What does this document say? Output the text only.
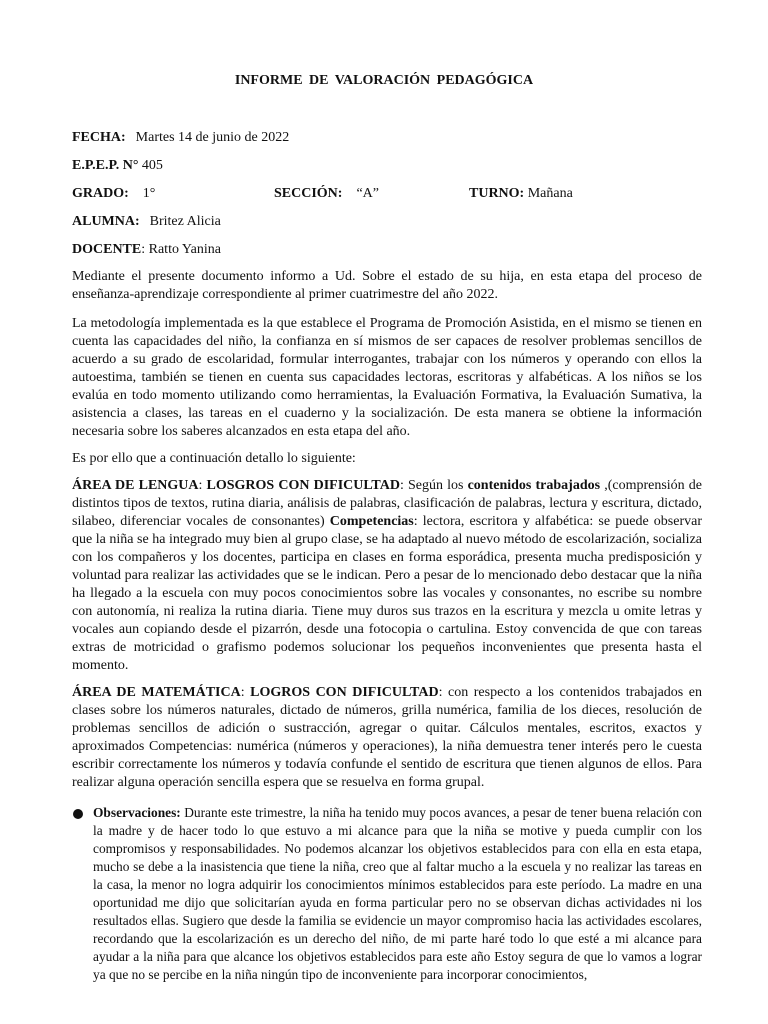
INFORME DE VALORACIÓN PEDAGÓGICA
FECHA: Martes 14 de junio de 2022
E.P.E.P. N° 405
GRADO: 1°	SECCIÓN: “A”	TURNO: Mañana
ALUMNA: Britez Alicia
DOCENTE: Ratto Yanina

Mediante el presente documento informo a Ud. Sobre el estado de su hija, en esta etapa del proceso de enseñanza-aprendizaje correspondiente al primer cuatrimestre del año 2022.

La metodología implementada es la que establece el Programa de Promoción Asistida, en el mismo se tienen en cuenta las capacidades del niño, la confianza en sí mismos de ser capaces de resolver problemas sencillos de acuerdo a su grado de escolaridad, formular interrogantes, trabajar con los números y operando con ellos la autoestima, también se tienen en cuenta sus capacidades lectoras, escritoras y alfabéticas. A los niños se los evalúa en todo momento utilizando como herramientas, la Evaluación Formativa, la Evaluación Sumativa, la asistencia a clases, las tareas en el cuaderno y la socialización. De esta manera se obtiene la información necesaria sobre los saberes alcanzados en esta etapa del año.

Es por ello que a continuación detallo lo siguiente:

ÁREA DE LENGUA: LOSGROS CON DIFICULTAD: Según los contenidos trabajados ,(comprensión de distintos tipos de textos, rutina diaria, análisis de palabras, clasificación de palabras, lectura y escritura, dictado, silabeo, diferenciar vocales de consonantes) Competencias: lectora, escritora y alfabética: se puede observar que la niña se ha integrado muy bien al grupo clase, se ha adaptado al nuevo método de escolarización, socializa con los compañeros y los docentes, participa en clases en forma esporádica, presenta mucha predisposición y voluntad para realizar las actividades que se le indican. Pero a pesar de lo mencionado debo destacar que la niña ha llegado a la escuela con muy pocos conocimientos sobre las vocales y consonantes, no escribe su nombre con autonomía, ni realiza la rutina diaria. Tiene muy duros sus trazos en la escritura y mezcla u omite letras y vocales aun copiando desde el pizarrón, desde una fotocopia o cartulina. Estoy convencida de que con tareas extras de motricidad o grafismo podemos solucionar los pequeños inconvenientes que presenta hasta el momento.

ÁREA DE MATEMÁTICA: LOGROS CON DIFICULTAD: con respecto a los contenidos trabajados en clases sobre los números naturales, dictado de números, grilla numérica, familia de los dieces, resolución de problemas sencillos de adición o sustracción, agregar o quitar. Cálculos mentales, escritos, exactos y aproximados Competencias: numérica (números y operaciones), la niña demuestra tener interés pero le cuesta escribir correctamente los números y todavía confunde el sentido de escritura que tienen algunos de ellos. Para realizar alguna operación sencilla espera que se resuelva en forma grupal.

Observaciones: Durante este trimestre, la niña ha tenido muy pocos avances, a pesar de tener buena relación con la madre y de hacer todo lo que estuvo a mi alcance para que la niña se motive y pueda cumplir con los compromisos y responsabilidades. No podemos alcanzar los objetivos establecidos para con ella en esta etapa, mucho se debe a la inasistencia que tiene la niña, creo que al faltar mucho a la escuela y no realizar las tareas en la casa, la menor no logra adquirir los conocimientos mínimos establecidos para este período. La madre en una oportunidad me dijo que solicitarían ayuda en forma particular pero no se observan dichas actividades ni los resultados ellas. Sugiero que desde la familia se evidencie un mayor compromiso hacia las actividades escolares, recordando que la escolarización es un derecho del niño, de mi parte haré todo lo que esté a mi alcance para ayudar a la niña para que alcance los objetivos establecidos para este año Estoy segura de que lo vamos a lograr ya que no se percibe en la niña ningún tipo de inconveniente para incorporar conocimientos,
